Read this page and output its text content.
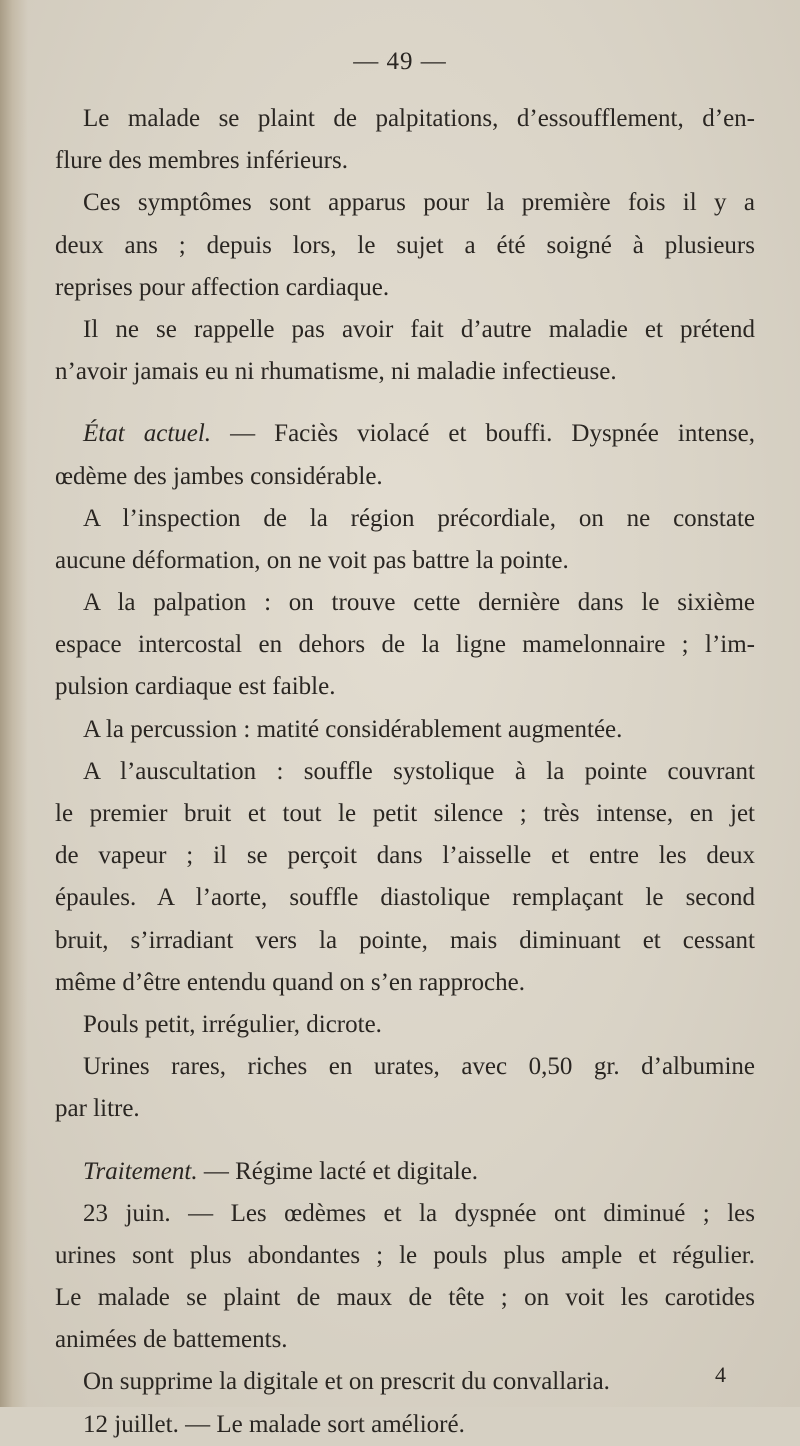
— 49 —
Le malade se plaint de palpitations, d’essoufflement, d’en-
flure des membres inférieurs.
Ces symptômes sont apparus pour la première fois il y a
deux ans ; depuis lors, le sujet a été soigné à plusieurs
reprises pour affection cardiaque.
Il ne se rappelle pas avoir fait d’autre maladie et prétend
n’avoir jamais eu ni rhumatisme, ni maladie infectieuse.
État actuel. — Faciès violacé et bouffi. Dyspnée intense,
œdème des jambes considérable.
A l’inspection de la région précordiale, on ne constate
aucune déformation, on ne voit pas battre la pointe.
A la palpation : on trouve cette dernière dans le sixième
espace intercostal en dehors de la ligne mamelonnaire ; l’im-
pulsion cardiaque est faible.
A la percussion : matité considérablement augmentée.
A l’auscultation : souffle systolique à la pointe couvrant
le premier bruit et tout le petit silence ; très intense, en jet
de vapeur ; il se perçoit dans l’aisselle et entre les deux
épaules. A l’aorte, souffle diastolique remplaçant le second
bruit, s’irradiant vers la pointe, mais diminuant et cessant
même d’être entendu quand on s’en rapproche.
Pouls petit, irrégulier, dicrote.
Urines rares, riches en urates, avec 0,50 gr. d’albumine
par litre.
Traitement. — Régime lacté et digitale.
23 juin. — Les œdèmes et la dyspnée ont diminué ; les
urines sont plus abondantes ; le pouls plus ample et régulier.
Le malade se plaint de maux de tête ; on voit les carotides
animées de battements.
On supprime la digitale et on prescrit du convallaria.
12 juillet. — Le malade sort amélioré.
4
